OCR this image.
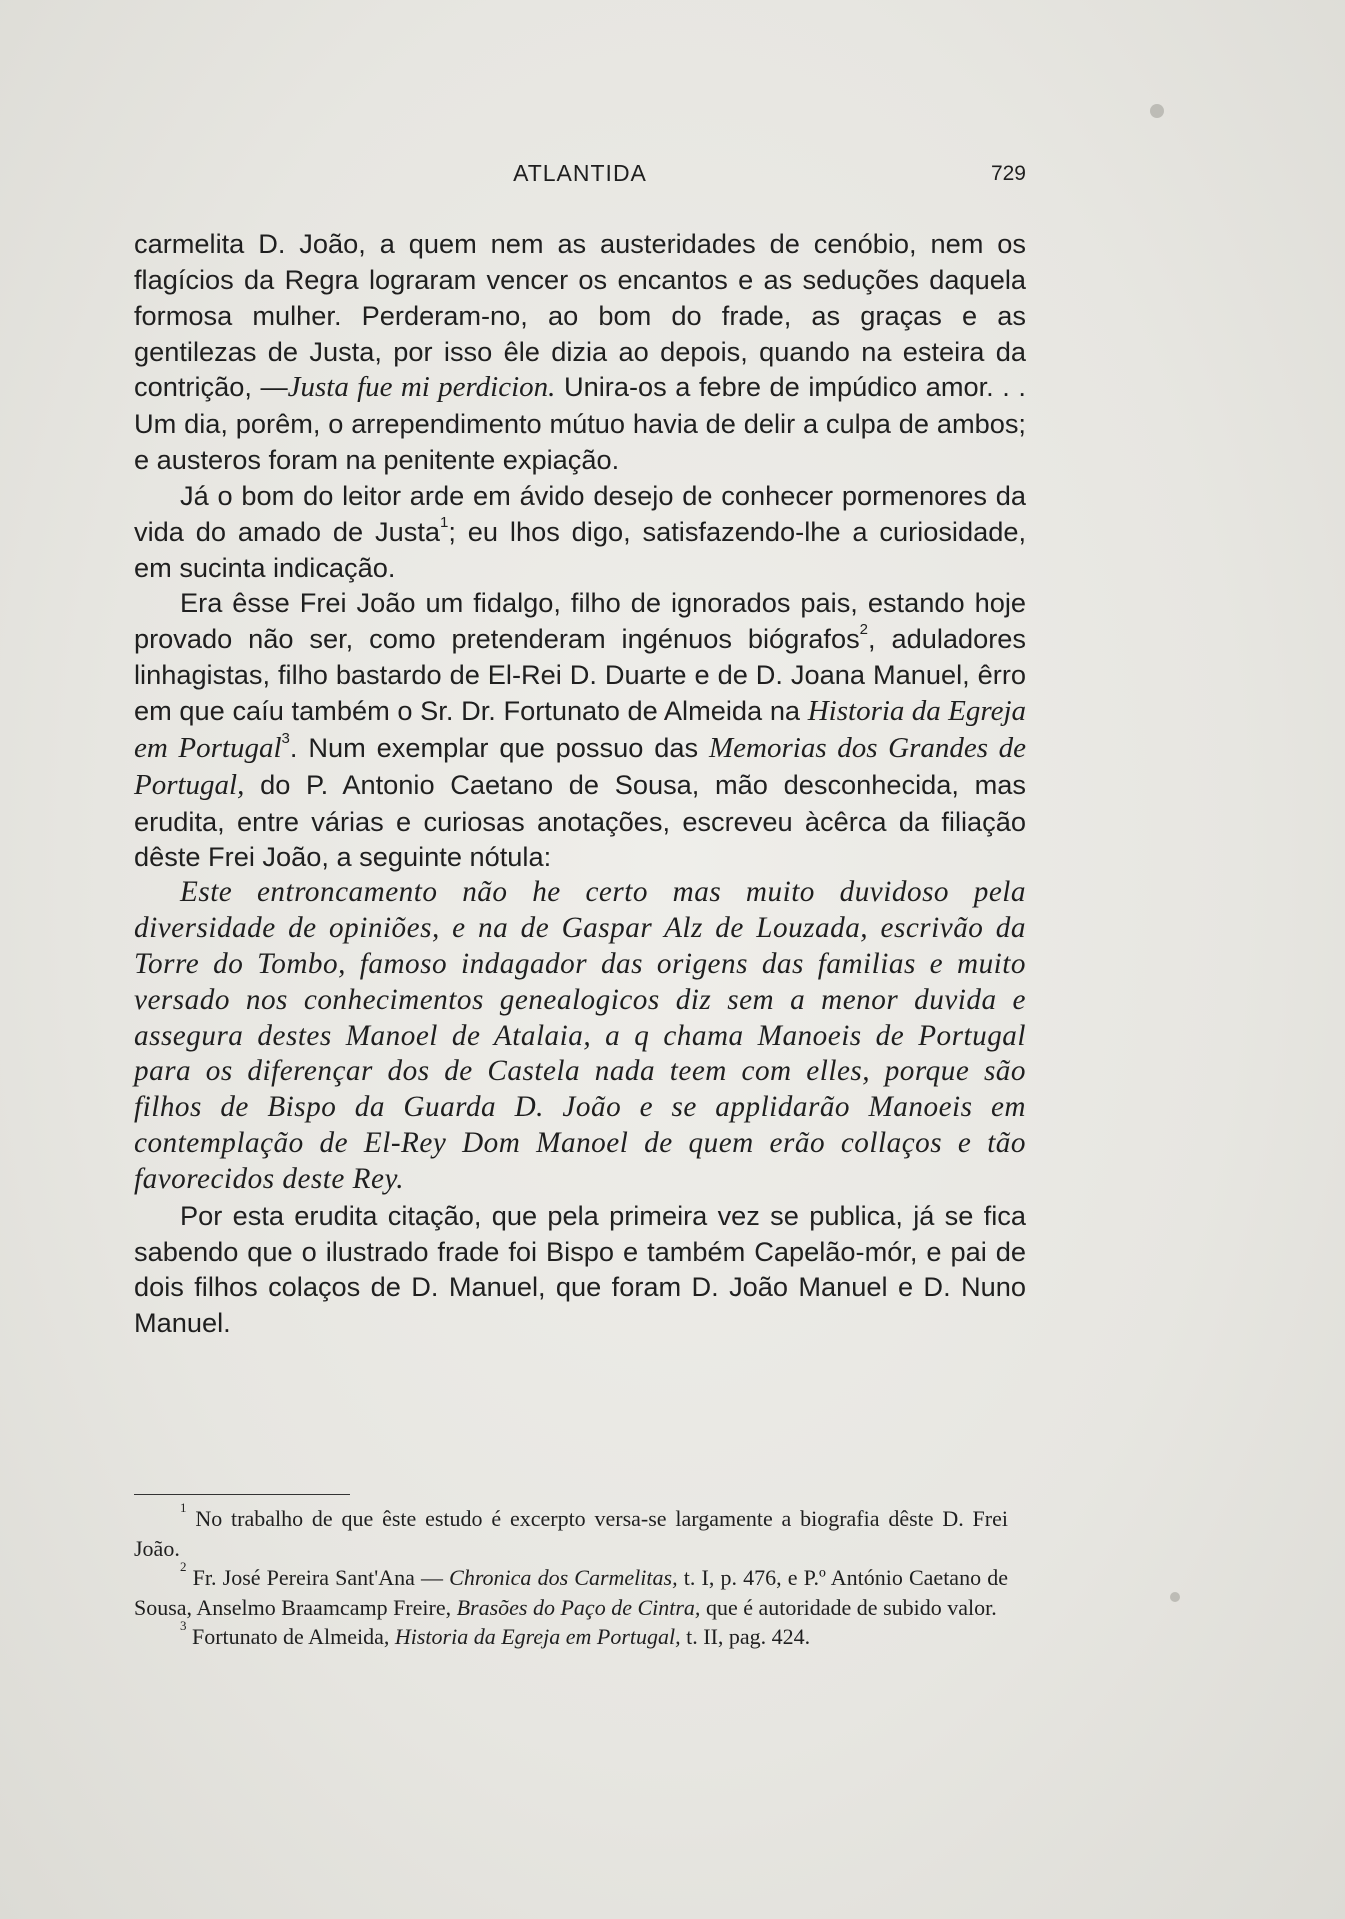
ATLANTIDA	729

carmelita D. João, a quem nem as austeridades de cenóbio, nem os flagícios da Regra lograram vencer os encantos e as seduções daquela formosa mulher. Perderam-no, ao bom do frade, as graças e as gentilezas de Justa, por isso êle dizia ao depois, quando na esteira da contrição, —Justa fue mi perdicion. Unira-os a febre de impúdico amor. . . Um dia, porêm, o arrependimento mútuo havia de delir a culpa de ambos; e austeros foram na penitente expiação.

Já o bom do leitor arde em ávido desejo de conhecer pormenores da vida do amado de Justa$^1$; eu lhos digo, satisfazendo-lhe a curiosidade, em sucinta indicação.

Era êsse Frei João um fidalgo, filho de ignorados pais, estando hoje provado não ser, como pretenderam ingénuos biógrafos$^2$, aduladores linhagistas, filho bastardo de El-Rei D. Duarte e de D. Joana Manuel, êrro em que caíu também o Sr. Dr. Fortunato de Almeida na Historia da Egreja em Portugal$^3$. Num exemplar que possuo das Memorias dos Grandes de Portugal, do P. Antonio Caetano de Sousa, mão desconhecida, mas erudita, entre várias e curiosas anotações, escreveu àcêrca da filiação dêste Frei João, a seguinte nótula:

Este entroncamento não he certo mas muito duvidoso pela diversidade de opiniões, e na de Gaspar Alz de Louzada, escrivão da Torre do Tombo, famoso indagador das origens das familias e muito versado nos conhecimentos genealogicos diz sem a menor duvida e assegura destes Manoel de Atalaia, a q chama Manoeis de Portugal para os diferençar dos de Castela nada teem com elles, porque são filhos de Bispo da Guarda D. João e se applidarão Manoeis em contemplação de El-Rey Dom Manoel de quem erão collaços e tão favorecidos deste Rey.

Por esta erudita citação, que pela primeira vez se publica, já se fica sabendo que o ilustrado frade foi Bispo e também Capelão-mór, e pai de dois filhos colaços de D. Manuel, que foram D. João Manuel e D. Nuno Manuel.

$^1$ No trabalho de que êste estudo é excerpto versa-se largamente a biografia dêste D. Frei João.

$^2$ Fr. José Pereira Sant'Ana — Chronica dos Carmelitas, t. I, p. 476, e P.º António Caetano de Sousa, Anselmo Braamcamp Freire, Brasões do Paço de Cintra, que é autoridade de subido valor.

$^3$ Fortunato de Almeida, Historia da Egreja em Portugal, t. II, pag. 424.
